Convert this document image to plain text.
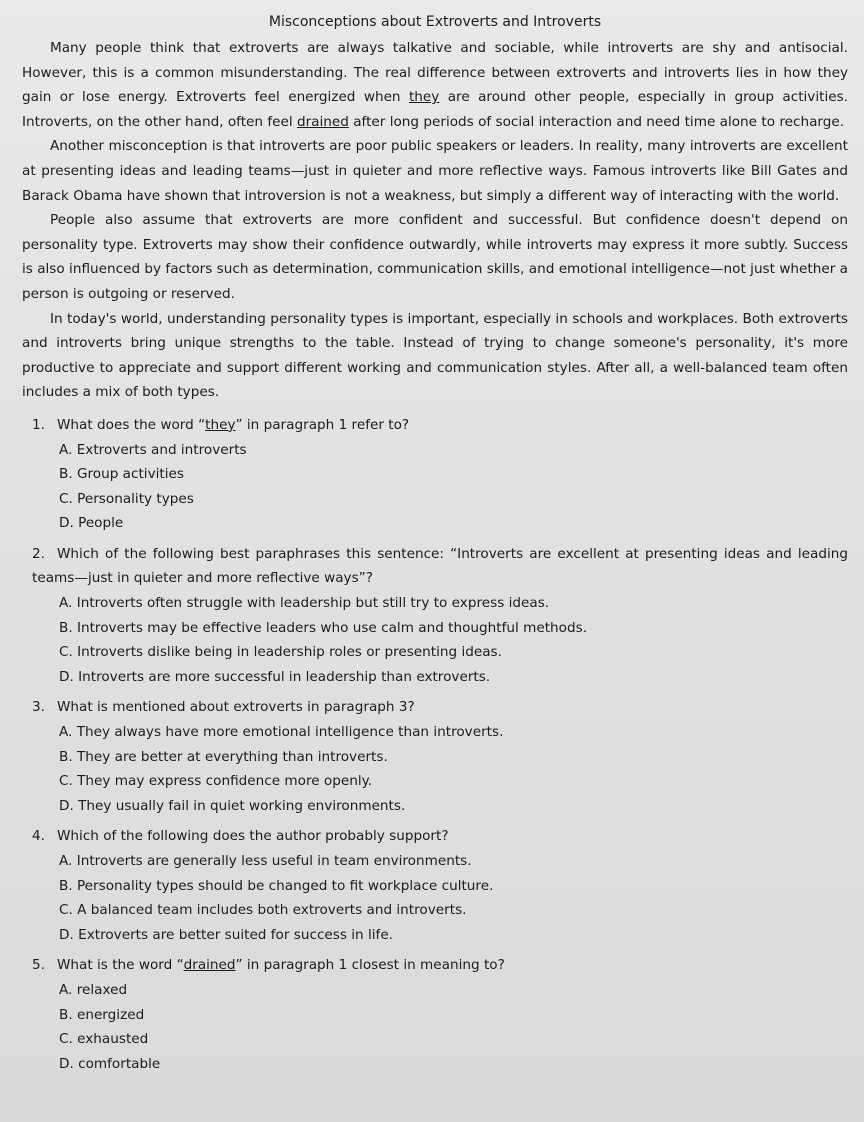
Misconceptions about Extroverts and Introverts

Many people think that extroverts are always talkative and sociable, while introverts are shy and antisocial. However, this is a common misunderstanding. The real difference between extroverts and introverts lies in how they gain or lose energy. Extroverts feel energized when they are around other people, especially in group activities. Introverts, on the other hand, often feel drained after long periods of social interaction and need time alone to recharge.

Another misconception is that introverts are poor public speakers or leaders. In reality, many introverts are excellent at presenting ideas and leading teams—just in quieter and more reflective ways. Famous introverts like Bill Gates and Barack Obama have shown that introversion is not a weakness, but simply a different way of interacting with the world.

People also assume that extroverts are more confident and successful. But confidence doesn't depend on personality type. Extroverts may show their confidence outwardly, while introverts may express it more subtly. Success is also influenced by factors such as determination, communication skills, and emotional intelligence—not just whether a person is outgoing or reserved.

In today's world, understanding personality types is important, especially in schools and workplaces. Both extroverts and introverts bring unique strengths to the table. Instead of trying to change someone's personality, it's more productive to appreciate and support different working and communication styles. After all, a well-balanced team often includes a mix of both types.

1. What does the word “they” in paragraph 1 refer to?

A. Extroverts and introverts
B. Group activities
C. Personality types
D. People

2. Which of the following best paraphrases this sentence: “Introverts are excellent at presenting ideas and leading teams—just in quieter and more reflective ways”?

A. Introverts often struggle with leadership but still try to express ideas.
B. Introverts may be effective leaders who use calm and thoughtful methods.
C. Introverts dislike being in leadership roles or presenting ideas.
D. Introverts are more successful in leadership than extroverts.

3. What is mentioned about extroverts in paragraph 3?

A. They always have more emotional intelligence than introverts.
B. They are better at everything than introverts.
C. They may express confidence more openly.
D. They usually fail in quiet working environments.

4. Which of the following does the author probably support?

A. Introverts are generally less useful in team environments.
B. Personality types should be changed to fit workplace culture.
C. A balanced team includes both extroverts and introverts.
D. Extroverts are better suited for success in life.

5. What is the word “drained” in paragraph 1 closest in meaning to?

A. relaxed
B. energized
C. exhausted
D. comfortable
